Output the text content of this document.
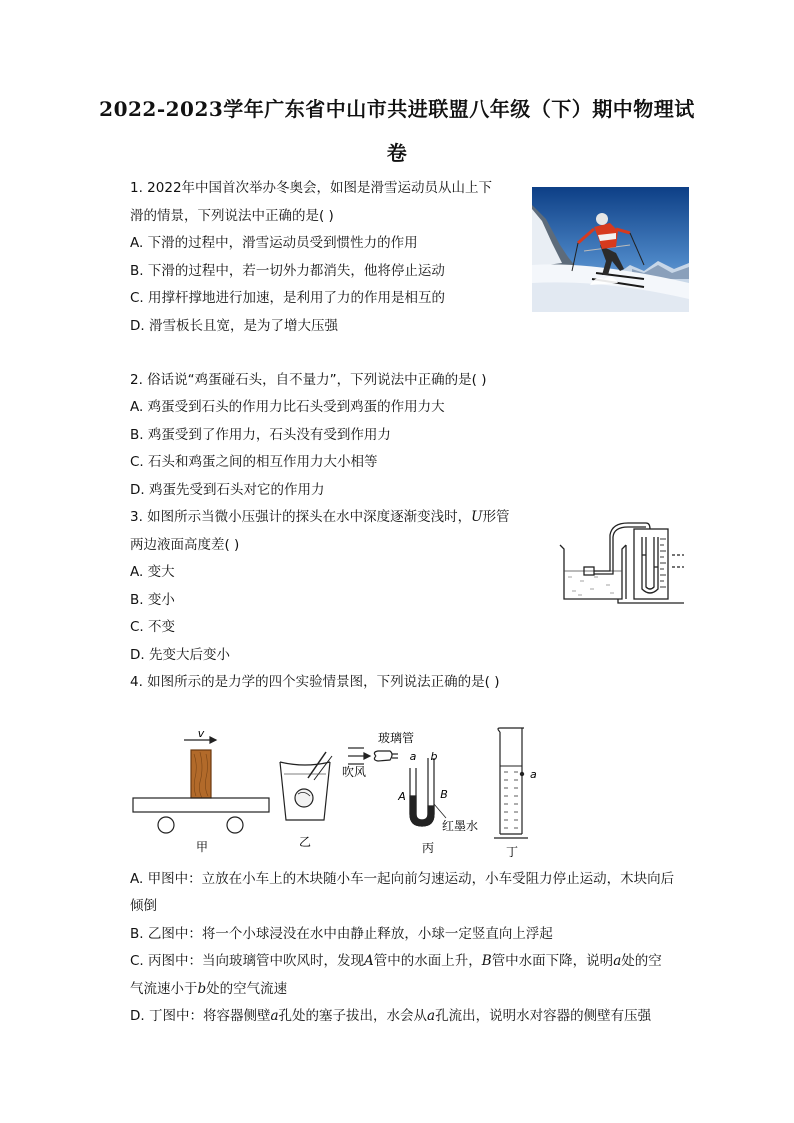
2022-2023学年广东省中山市共进联盟八年级（下）期中物理试
卷
1. 2022年中国首次举办冬奥会，如图是滑雪运动员从山上下
滑的情景，下列说法中正确的是( )
A. 下滑的过程中，滑雪运动员受到惯性力的作用
B. 下滑的过程中，若一切外力都消失，他将停止运动
C. 用撑杆撑地进行加速，是利用了力的作用是相互的
D. 滑雪板长且宽，是为了增大压强
2. 俗话说“鸡蛋碰石头，自不量力”，下列说法中正确的是( )
A. 鸡蛋受到石头的作用力比石头受到鸡蛋的作用力大
B. 鸡蛋受到了作用力，石头没有受到作用力
C. 石头和鸡蛋之间的相互作用力大小相等
D. 鸡蛋先受到石头对它的作用力
3. 如图所示当微小压强计的探头在水中深度逐渐变浅时，U形管
两边液面高度差( )
A. 变大
B. 变小
C. 不变
D. 先变大后变小
4. 如图所示的是力学的四个实验情景图，下列说法正确的是( )
v
甲	乙
玻璃管
吹风
a b
A	B
红墨水
丙
a
丁
A. 甲图中：立放在小车上的木块随小车一起向前匀速运动，小车受阻力停止运动，木块向后
倾倒
B. 乙图中：将一个小球浸没在水中由静止释放，小球一定竖直向上浮起
C. 丙图中：当向玻璃管中吹风时，发现A管中的水面上升，B管中水面下降，说明a处的空
气流速小于b处的空气流速
D. 丁图中：将容器侧壁a孔处的塞子拔出，水会从a孔流出，说明水对容器的侧壁有压强
